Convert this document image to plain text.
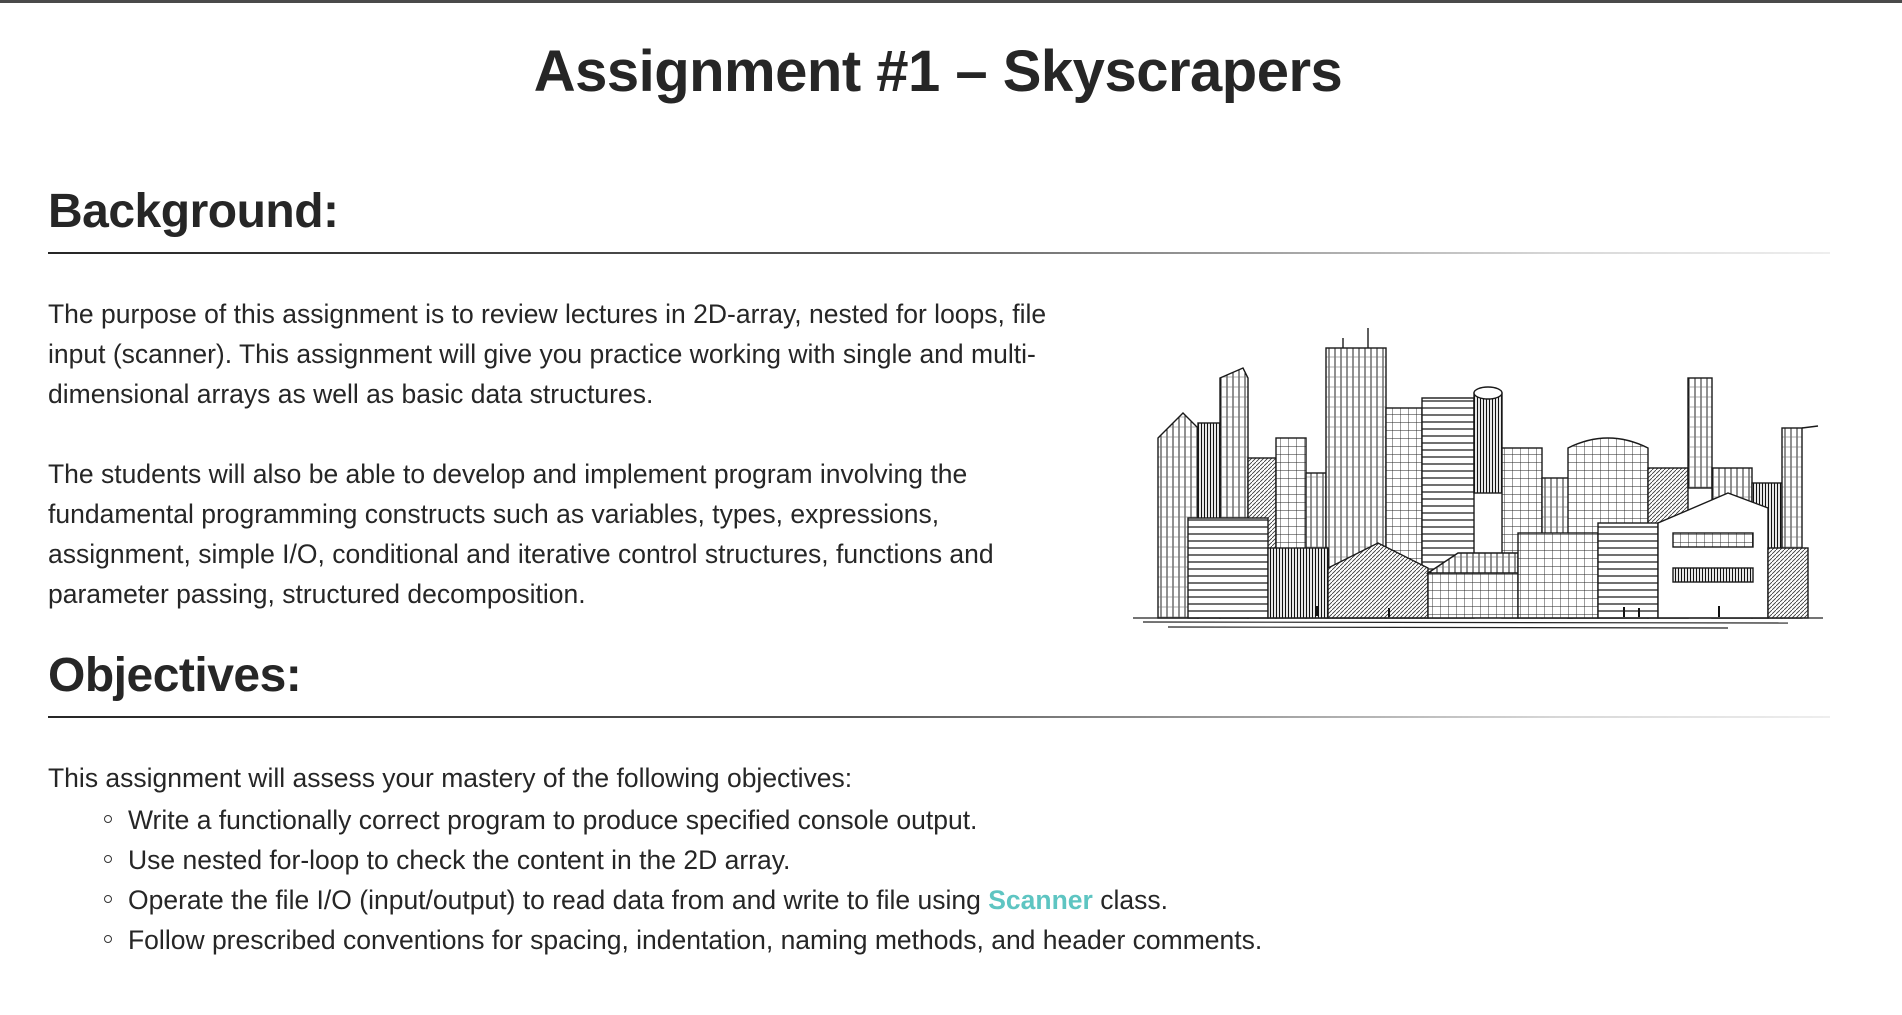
Assignment #1 – Skyscrapers
Background:
The purpose of this assignment is to review lectures in 2D-array, nested for loops, file
input (scanner). This assignment will give you practice working with single and multi-
dimensional arrays as well as basic data structures.
The students will also be able to develop and implement program involving the
fundamental programming constructs such as variables, types, expressions,
assignment, simple I/O, conditional and iterative control structures, functions and
parameter passing, structured decomposition.
Objectives:

This assignment will assess your mastery of the following objectives:

Write a functionally correct program to produce specified console output.
Use nested for-loop to check the content in the 2D array.
Operate the file I/O (input/output) to read data from and write to file using Scanner class.
Follow prescribed conventions for spacing, indentation, naming methods, and header comments.
